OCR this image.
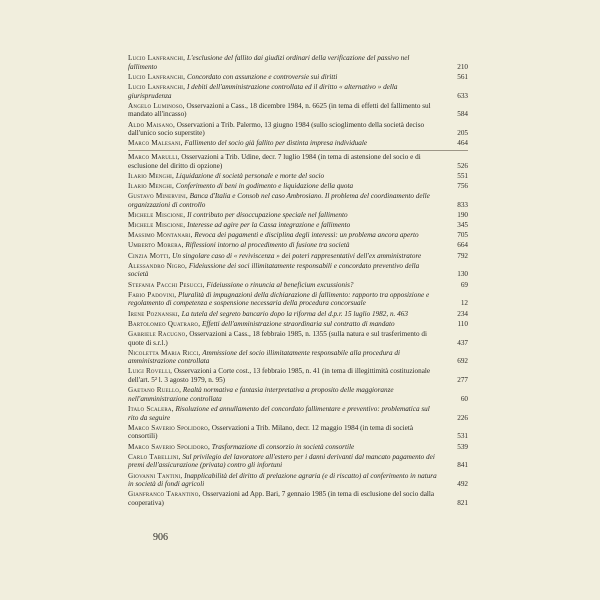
Lucio Lanfranchi, L'esclusione del fallito dai giudizi ordinari della verificazione del passivo nel fallimento	210
Lucio Lanfranchi, Concordato con assunzione e controversie sui diritti	561
Lucio Lanfranchi, I debiti dell'amministrazione controllata ed il diritto « alternativo » della giurisprudenza	633
Angelo Luminoso, Osservazioni a Cass., 18 dicembre 1984, n. 6625 (in tema di effetti del fallimento sul mandato all'incasso)	584
Aldo Maisano, Osservazioni a Trib. Palermo, 13 giugno 1984 (sullo scioglimento della società deciso dall'unico socio superstite)	205
Marco Malesani, Fallimento del socio già fallito per distinta impresa individuale	464
Marco Marulli, Osservazioni a Trib. Udine, decr. 7 luglio 1984 (in tema di astensione del socio e di esclusione del diritto di opzione)	526
Ilario Menghi, Liquidazione di società personale e morte del socio	551
Ilario Menghi, Conferimento di beni in godimento e liquidazione della quota	756
Gustavo Minervini, Banca d'Italia e Consob nel caso Ambrosiano. Il problema del coordinamento delle organizzazioni di controllo	833
Michele Miscione, Il contributo per disoccupazione speciale nel fallimento	190
Michele Miscione, Interesse ad agire per la Cassa integrazione e fallimento	345
Massimo Montanari, Revoca dei pagamenti e disciplina degli interessi: un problema ancora aperto	705
Umberto Morera, Riflessioni intorno al procedimento di fusione tra società	664
Cinzia Motti, Un singolare caso di « reviviscenza » dei poteri rappresentativi dell'ex amministratore	792
Alessandro Nigro, Fideiussione dei soci illimitatamente responsabili e concordato preventivo della società	130
Stefania Pacchi Pesucci, Fideiussione o rinuncia al beneficium excussionis?	69
Fabio Padovini, Pluralità di impugnazioni della dichiarazione di fallimento: rapporto tra opposizione e regolamento di competenza e sospensione necessaria della procedura concorsuale	12
Irene Poznanski, La tutela del segreto bancario dopo la riforma del d.p.r. 15 luglio 1982, n. 463	234
Bartolomeo Quatraro, Effetti dell'amministrazione straordinaria sul contratto di mandato	110
Gabriele Racugno, Osservazioni a Cass., 18 febbraio 1985, n. 1355 (sulla natura e sul trasferimento di quote di s.r.l.)	437
Nicoletta Maria Ricci, Ammissione del socio illimitatamente responsabile alla procedura di amministrazione controllata	692
Luigi Rovelli, Osservazioni a Corte cost., 13 febbraio 1985, n. 41 (in tema di illegittimità costituzionale dell'art. 5² l. 3 agosto 1979, n. 95)	277
Gaetano Ruello, Realtà normativa e fantasia interpretativa a proposito delle maggioranze nell'amministrazione controllata	60
Italo Scalera, Risoluzione ed annullamento del concordato fallimentare e preventivo: problematica sul rito da seguire	226
Marco Saverio Spolidoro, Osservazioni a Trib. Milano, decr. 12 maggio 1984 (in tema di società consortili)	531
Marco Saverio Spolidoro, Trasformazione di consorzio in società consortile	539
Carlo Tabellini, Sul privilegio del lavoratore all'estero per i danni derivanti dal mancato pagamento dei premi dell'assicurazione (privata) contro gli infortuni	841
Giovanni Tantini, Inapplicabilità del diritto di prelazione agraria (e di riscatto) al conferimento in natura in società di fondi agricoli	492
Gianfranco Tarantino, Osservazioni ad App. Bari, 7 gennaio 1985 (in tema di esclusione del socio dalla cooperativa)	821
906
